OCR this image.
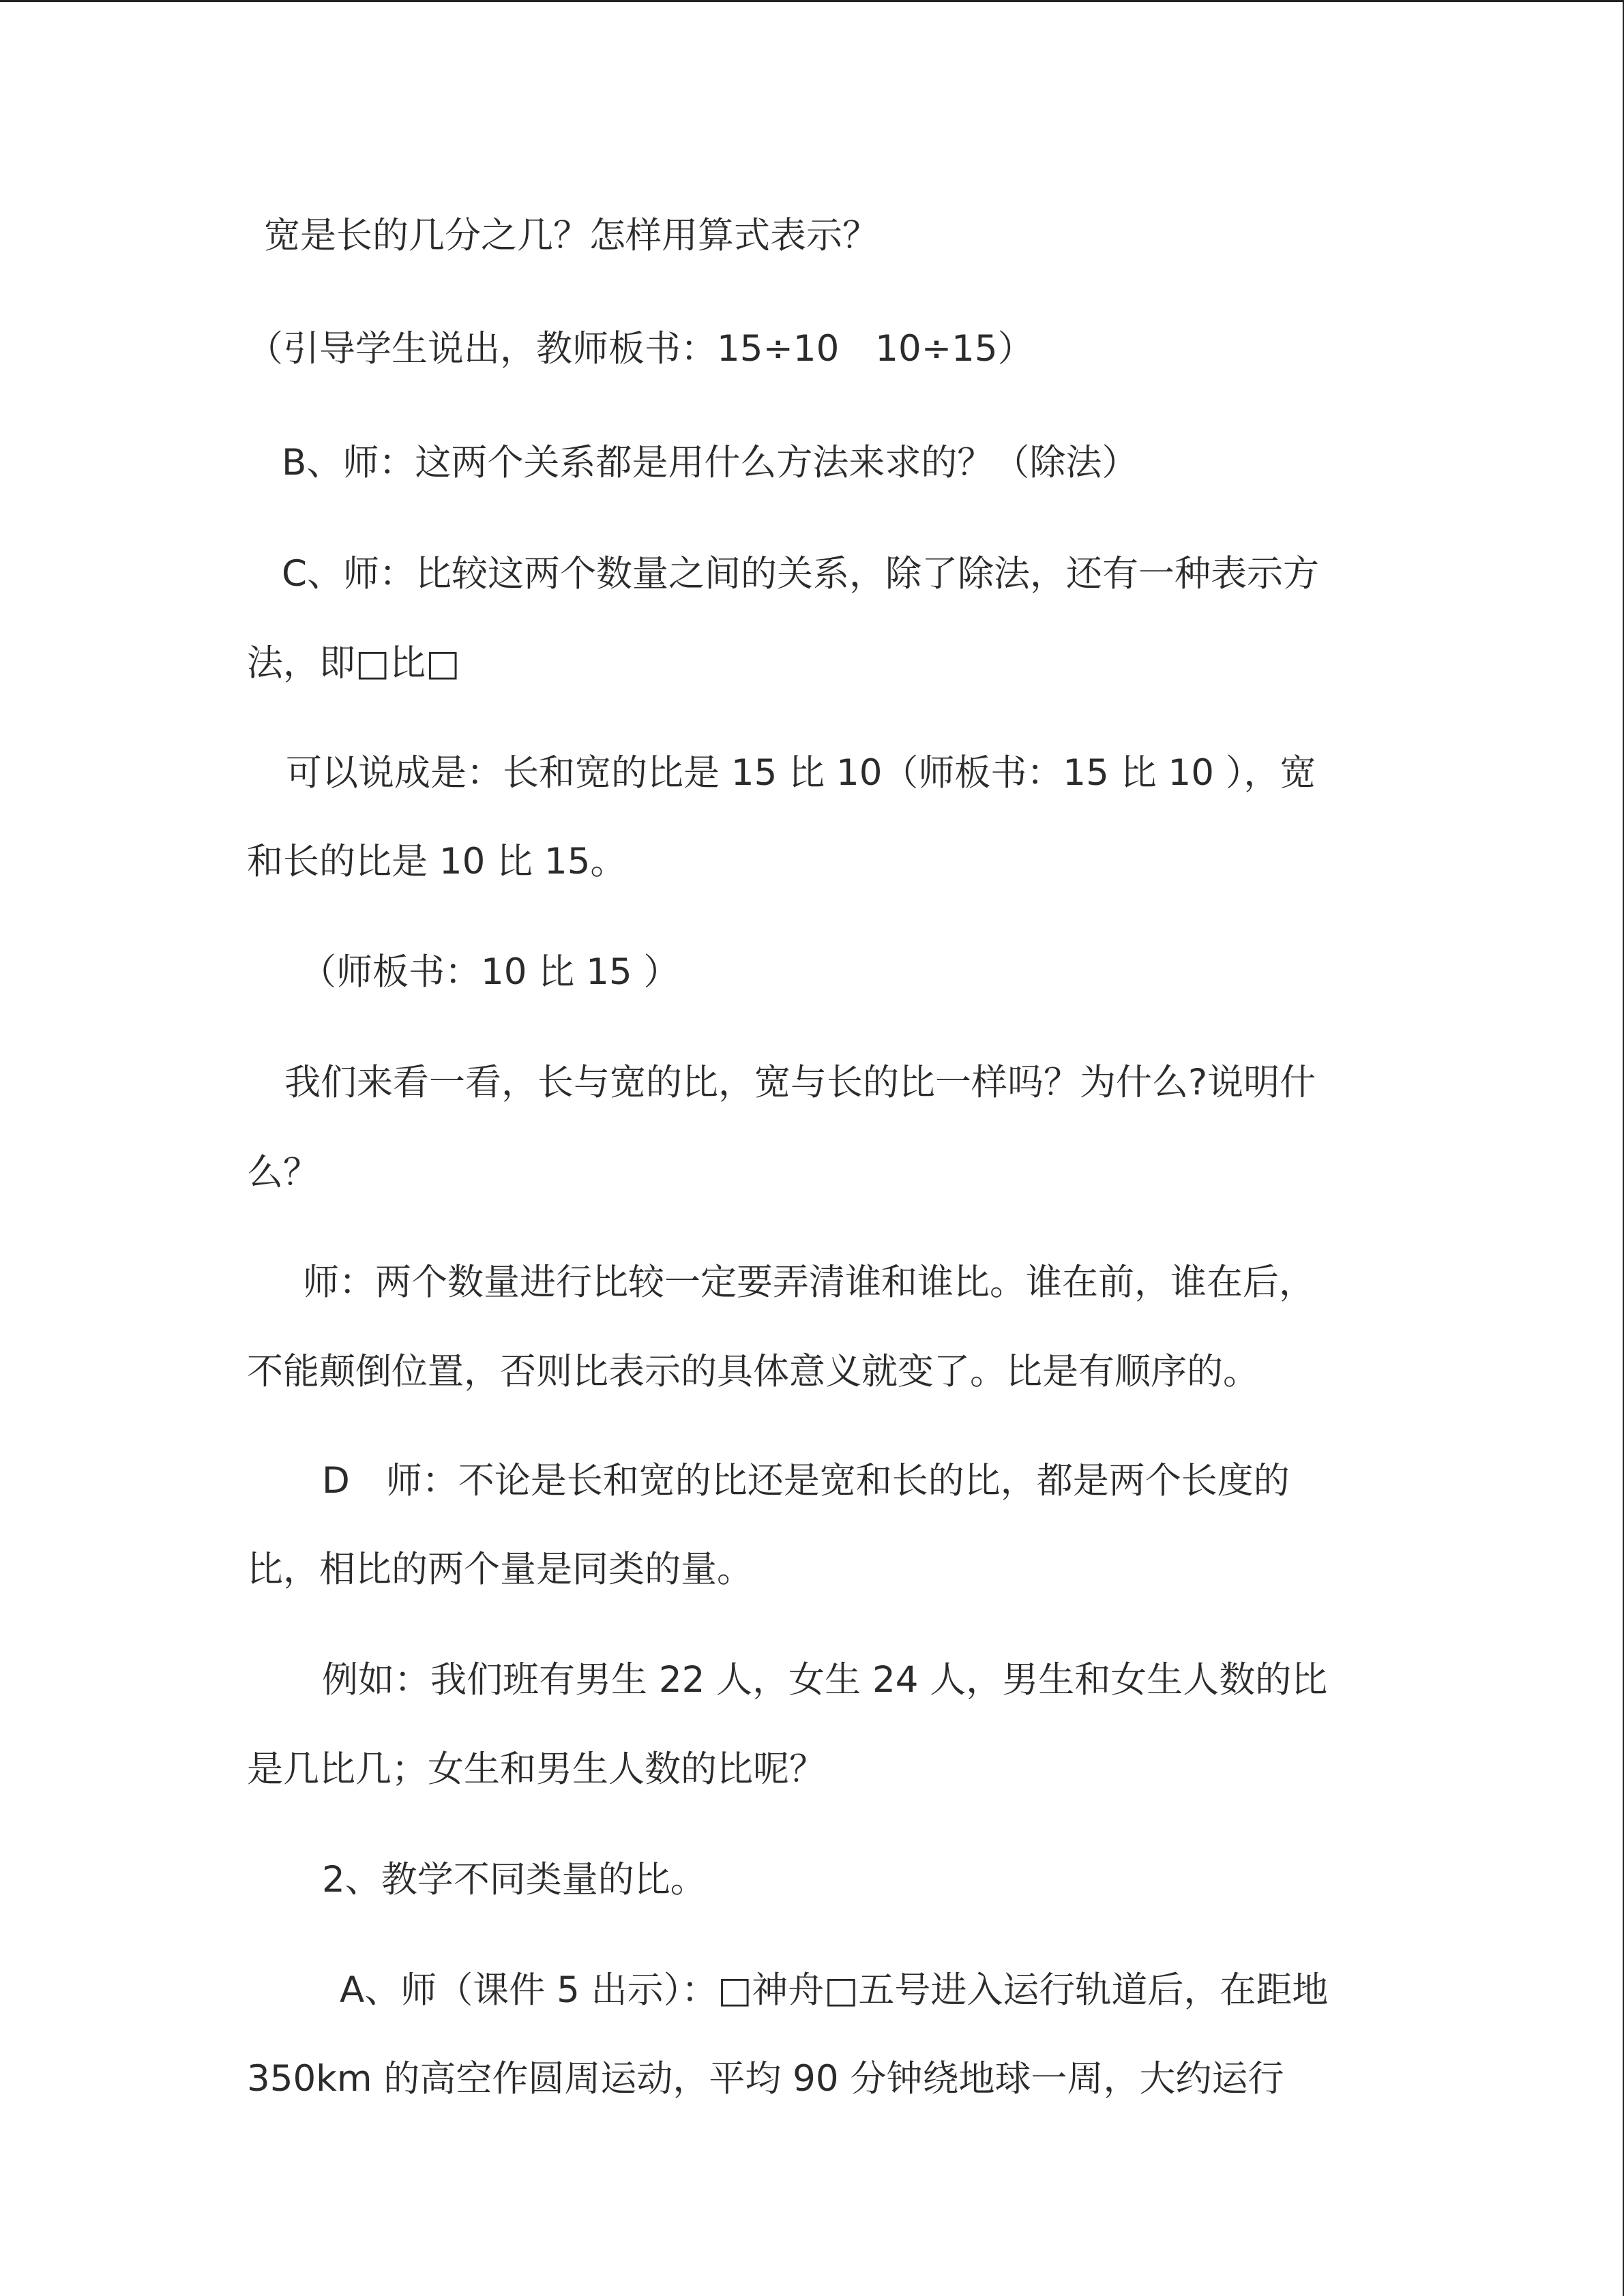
宽是长的几分之几？怎样用算式表示？
（引导学生说出，教师板书：15÷10　10÷15）
B、师：这两个关系都是用什么方法来求的？（除法）
C、师：比较这两个数量之间的关系，除了除法，还有一种表示方
法，即□比□
可以说成是：长和宽的比是 15 比 10（师板书：15 比 10 ），宽
和长的比是 10 比 15。
（师板书：10 比 15 ）
我们来看一看，长与宽的比，宽与长的比一样吗？为什么?说明什
么？
师：两个数量进行比较一定要弄清谁和谁比。谁在前，谁在后，
不能颠倒位置，否则比表示的具体意义就变了。比是有顺序的。
D　师：不论是长和宽的比还是宽和长的比，都是两个长度的
比，相比的两个量是同类的量。
例如：我们班有男生 22 人，女生 24 人，男生和女生人数的比
是几比几；女生和男生人数的比呢？
2、教学不同类量的比。
A、师（课件 5 出示）：□神舟□五号进入运行轨道后，在距地
350km 的高空作圆周运动，平均 90 分钟绕地球一周，大约运行
